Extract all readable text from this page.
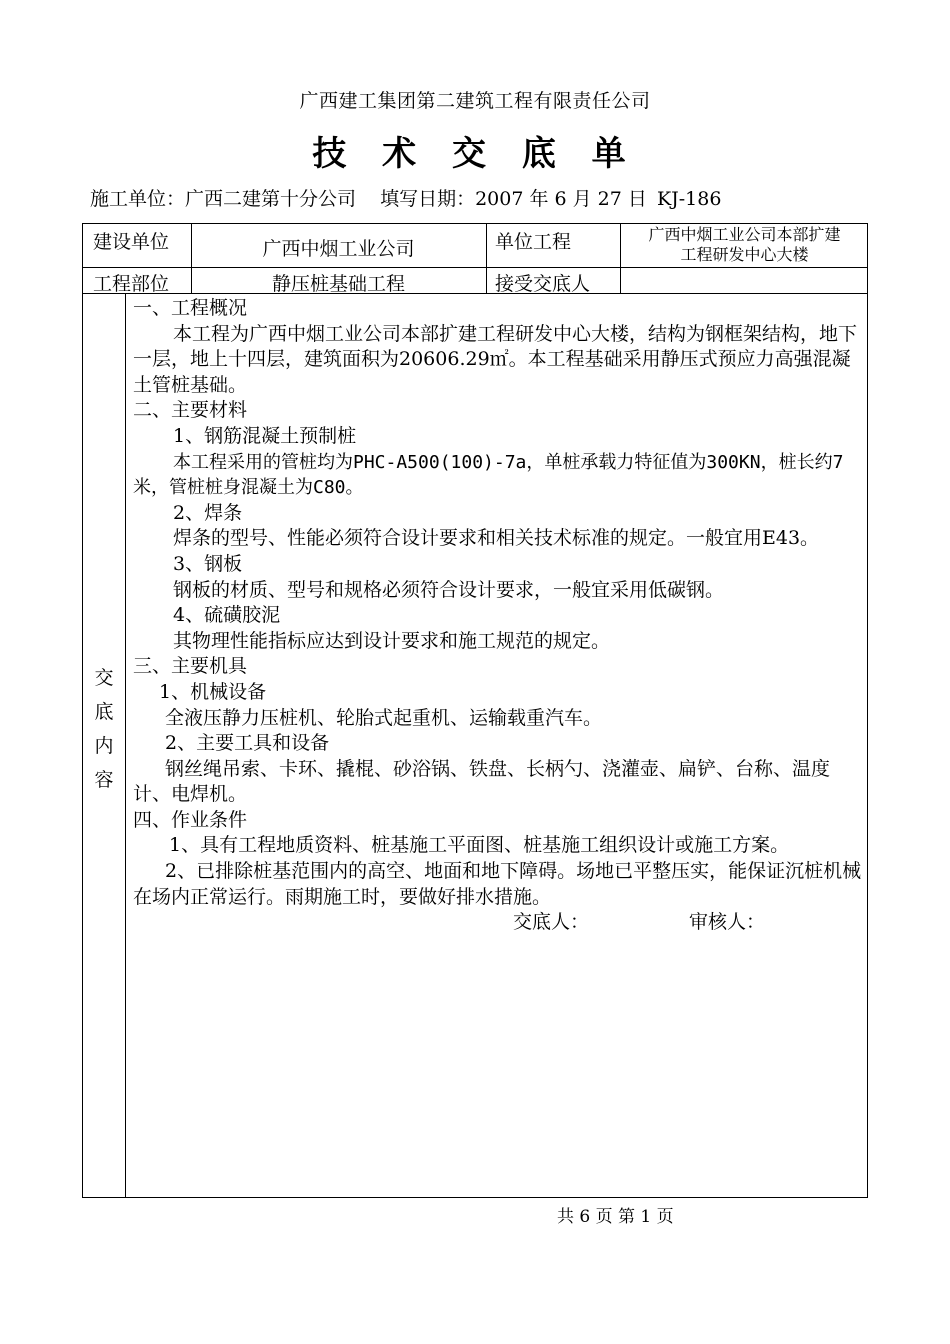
广西建工集团第二建筑工程有限责任公司
技 术 交 底 单
施工单位：广西二建第十分公司 填写日期：2007 年 6 月 27 日 KJ-186
建设单位	广西中烟工业公司	单位工程	广西中烟工业公司本部扩建
工程研发中心大楼
工程部位	静压桩基础工程	接受交底人
交
底
内
容

一、工程概况

本工程为广西中烟工业公司本部扩建工程研发中心大楼，结构为钢框架结构，地下一层，地上十四层，建筑面积为20606.29㎡。本工程基础采用静压式预应力高强混凝土管桩基础。

二、主要材料

1、钢筋混凝土预制桩

本工程采用的管桩均为PHC-A500(100)-7a，单桩承载力特征值为300KN，桩长约7米，管桩桩身混凝土为C80。

2、焊条

焊条的型号、性能必须符合设计要求和相关技术标准的规定。一般宜用E43。

3、钢板

钢板的材质、型号和规格必须符合设计要求，一般宜采用低碳钢。

4、硫磺胶泥

其物理性能指标应达到设计要求和施工规范的规定。

三、主要机具

1、机械设备

全液压静力压桩机、轮胎式起重机、运输载重汽车。

2、主要工具和设备

钢丝绳吊索、卡环、撬棍、砂浴锅、铁盘、长柄勺、浇灌壶、扁铲、台称、温度计、电焊机。

四、作业条件

1、具有工程地质资料、桩基施工平面图、桩基施工组织设计或施工方案。

2、已排除桩基范围内的高空、地面和地下障碍。场地已平整压实，能保证沉桩机械在场内正常运行。雨期施工时，要做好排水措施。

交底人：	审核人：

共 6 页 第 1 页
